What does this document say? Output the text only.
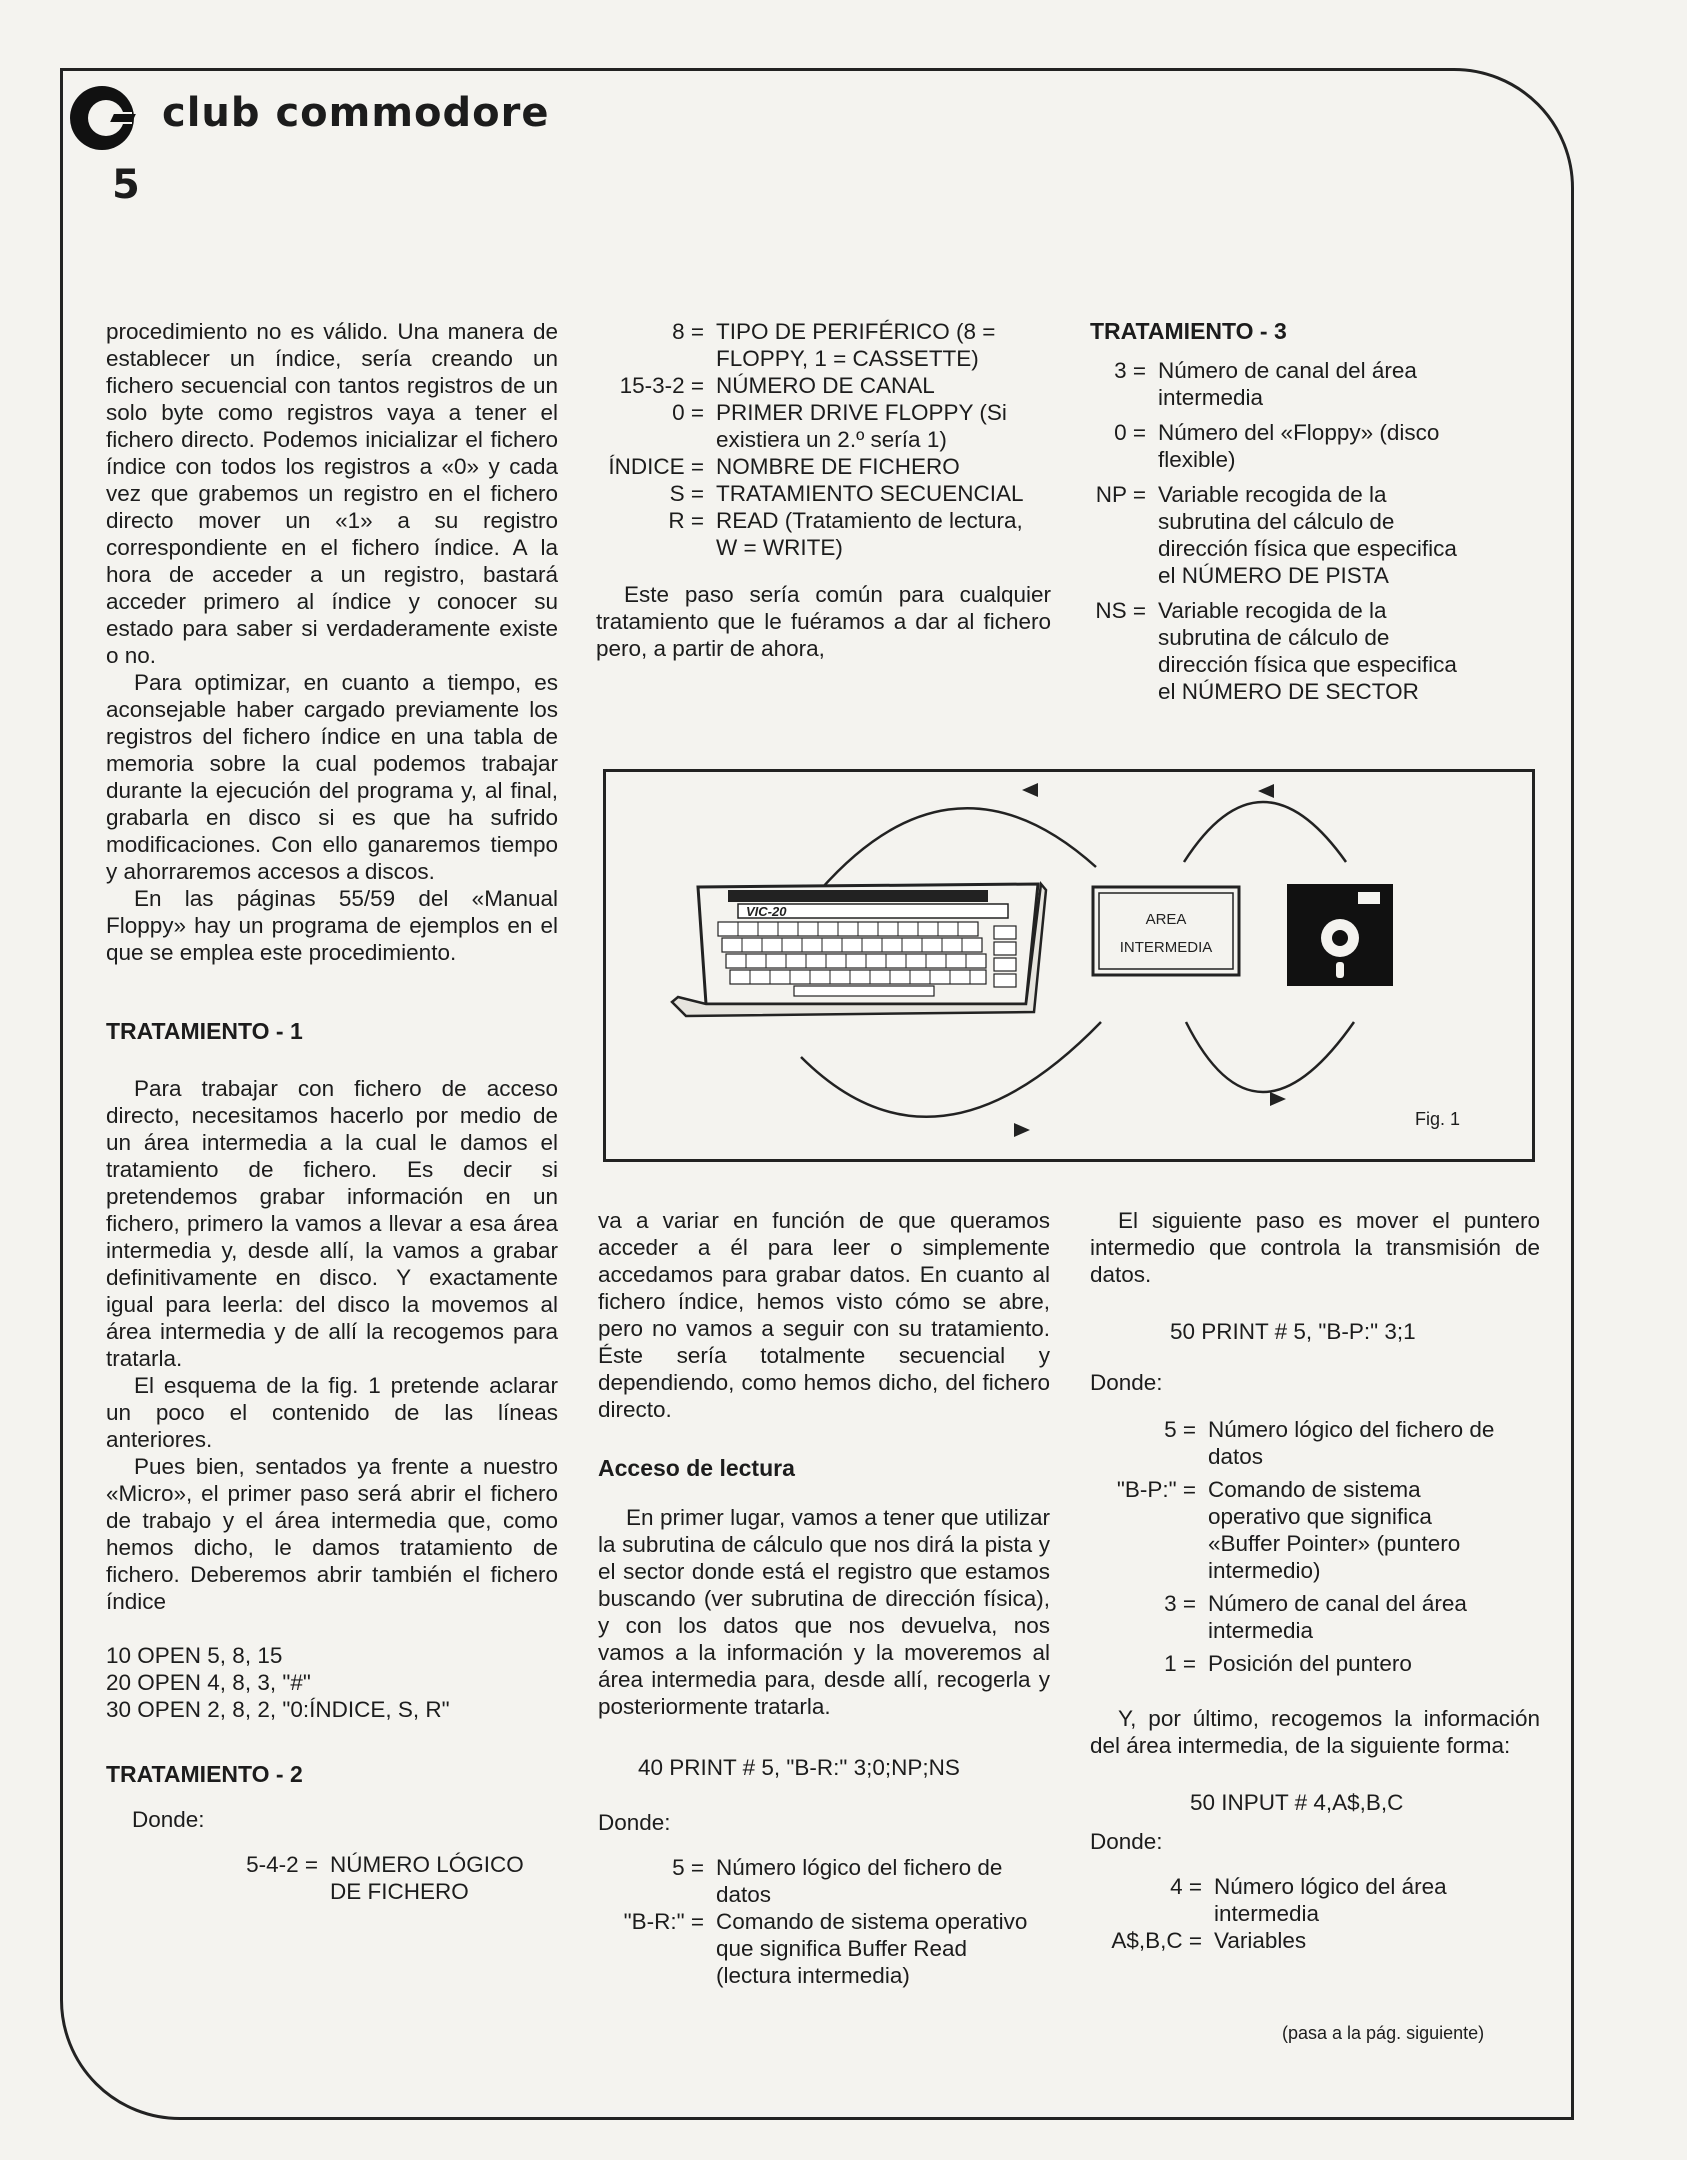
club commodore
5

procedimiento no es válido. Una manera de establecer un índice, sería creando un fichero secuencial con tantos registros de un solo byte como registros vaya a tener el fichero directo. Podemos inicializar el fichero índice con todos los registros a «0» y cada vez que grabemos un registro en el fichero directo mover un «1» a su registro correspondiente en el fichero índice. A la hora de acceder a un registro, bastará acceder primero al índice y conocer su estado para saber si verdaderamente existe o no.

Para optimizar, en cuanto a tiempo, es aconsejable haber cargado previamente los registros del fichero índice en una tabla de memoria sobre la cual podemos trabajar durante la ejecución del programa y, al final, grabarla en disco si es que ha sufrido modificaciones. Con ello ganaremos tiempo y ahorraremos accesos a discos.

En las páginas 55/59 del «Manual Floppy» hay un programa de ejemplos en el que se emplea este procedimiento.

TRATAMIENTO - 1

Para trabajar con fichero de acceso directo, necesitamos hacerlo por medio de un área intermedia a la cual le damos el tratamiento de fichero. Es decir si pretendemos grabar información en un fichero, primero la vamos a llevar a esa área intermedia y, desde allí, la vamos a grabar definitivamente en disco. Y exactamente igual para leerla: del disco la movemos al área intermedia y de allí la recogemos para tratarla.

El esquema de la fig. 1 pretende aclarar un poco el contenido de las líneas anteriores.

Pues bien, sentados ya frente a nuestro «Micro», el primer paso será abrir el fichero de trabajo y el área intermedia que, como hemos dicho, le damos tratamiento de fichero. Deberemos abrir también el fichero índice

10 OPEN 5, 8, 15

20 OPEN 4, 8, 3, "#"

30 OPEN 2, 8, 2, "0:ÍNDICE, S, R"

TRATAMIENTO - 2

Donde:

5-4-2 = NÚMERO LÓGICO DE FICHERO
8 = TIPO DE PERIFÉRICO (8 = FLOPPY, 1 = CASSETTE)
15-3-2 = NÚMERO DE CANAL
0 = PRIMER DRIVE FLOPPY (Si existiera un 2.º sería 1)
ÍNDICE = NOMBRE DE FICHERO
S = TRATAMIENTO SECUENCIAL
R = READ (Tratamiento de lectura, W = WRITE)

Este paso sería común para cualquier tratamiento que le fuéramos a dar al fichero pero, a partir de ahora,

TRATAMIENTO - 3

3 = Número de canal del área intermedia
0 = Número del «Floppy» (disco flexible)
NP = Variable recogida de la subrutina del cálculo de dirección física que especifica el NÚMERO DE PISTA
NS = Variable recogida de la subrutina de cálculo de dirección física que especifica el NÚMERO DE SECTOR
VIC-20	AREA
INTERMEDIA
Fig. 1

va a variar en función de que queramos acceder a él para leer o simplemente accedamos para grabar datos. En cuanto al fichero índice, hemos visto cómo se abre, pero no vamos a seguir con su tratamiento. Éste sería totalmente secuencial y dependiendo, como hemos dicho, del fichero directo.

Acceso de lectura

En primer lugar, vamos a tener que utilizar la subrutina de cálculo que nos dirá la pista y el sector donde está el registro que estamos buscando (ver subrutina de dirección física), y con los datos que nos devuelva, nos vamos a la información y la moveremos al área intermedia para, desde allí, recogerla y posteriormente tratarla.

40 PRINT # 5, "B-R:" 3;0;NP;NS

Donde:

5 = Número lógico del fichero de datos
"B-R:" = Comando de sistema operativo que significa Buffer Read (lectura intermedia)

El siguiente paso es mover el puntero intermedio que controla la transmisión de datos.

50 PRINT # 5, "B-P:" 3;1

Donde:

5 = Número lógico del fichero de datos
"B-P:" = Comando de sistema operativo que significa «Buffer Pointer» (puntero intermedio)
3 = Número de canal del área intermedia
1 = Posición del puntero

Y, por último, recogemos la información del área intermedia, de la siguiente forma:

50 INPUT # 4,A$,B,C

Donde:

4 = Número lógico del área intermedia
A$,B,C = Variables
(pasa a la pág. siguiente)
